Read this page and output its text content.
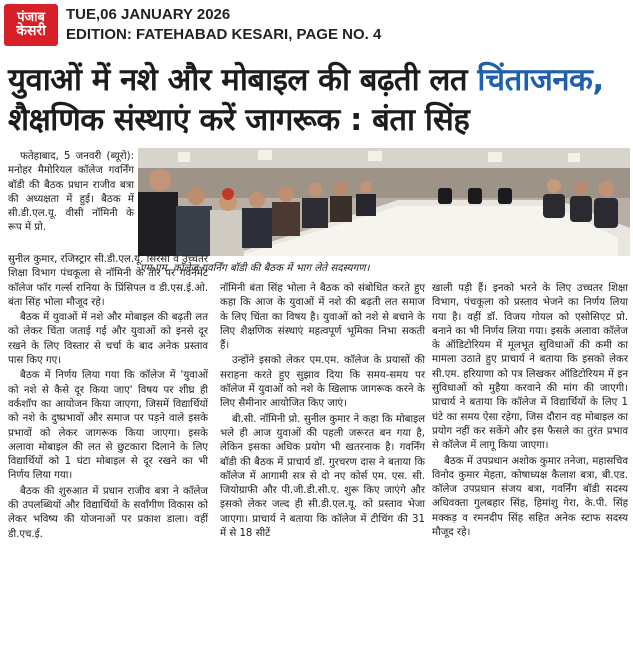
पंजाब
केसरी
TUE,06 JANUARY 2026
EDITION: FATEHABAD KESARI, PAGE NO. 4
युवाओं में नशे और मोबाइल की बढ़ती लत चिंताजनक,
शैक्षणिक संस्थाएं करें जागरूक : बंता सिंह

फतेहाबाद, 5 जनवरी (ब्यूरो): मनोहर मैमोरियल कॉलेज गवर्निंग बॉडी की बैठक प्रधान राजीव बत्रा की अध्यक्षता में हुई। बैठक में सी.डी.एल.यू. वीसी नॉमिनी के रूप में प्रो.

एम.एम. कॉलेज गवर्निंग बॉडी की बैठक में भाग लेते सदस्यगण।

सुनील कुमार, रजिस्ट्रार सी.डी.एल.यू. सिरसा व उच्चतर शिक्षा विभाग पंचकूला से नॉमिनी के तौर पर गवर्नमेंट कॉलेज फॉर गर्ल्स रानिया के प्रिंसिपल व डी.एस.ई.ओ. बंता सिंह भोला मौजूद रहे।

बैठक में युवाओं में नशे और मोबाइल की बढ़ती लत को लेकर चिंता जताई गई और युवाओं को इनसे दूर रखने के लिए विस्तार से चर्चा के बाद अनेक प्रस्ताव पास किए गए।

बैठक में निर्णय लिया गया कि कॉलेज में 'युवाओं को नशे से कैसे दूर किया जाए' विषय पर शीघ्र ही वर्कशॉप का आयोजन किया जाएगा, जिसमें विद्यार्थियों को नशे के दुष्प्रभावों और समाज पर पड़ने वाले इसके प्रभावों को लेकर जागरूक किया जाएगा। इसके अलावा मोबाइल की लत से छुटकारा दिलाने के लिए विद्यार्थियों को 1 घंटा मोबाइल से दूर रखने का भी निर्णय लिया गया।

बैठक की शुरुआत में प्रधान राजीव बत्रा ने कॉलेज की उपलब्धियों और विद्यार्थियों के सर्वांगीण विकास को लेकर भविष्य की योजनाओं पर प्रकाश डाला। वहीं डी.एच.ई.

नॉमिनी बंता सिंह भोला ने बैठक को संबोधित करते हुए कहा कि आज के युवाओं में नशे की बढ़ती लत समाज के लिए चिंता का विषय है। युवाओं को नशे से बचाने के लिए शैक्षणिक संस्थाएं महत्वपूर्ण भूमिका निभा सकती हैं।

उन्होंने इसको लेकर एम.एम. कॉलेज के प्रयासों की सराहना करते हुए सुझाव दिया कि समय-समय पर कॉलेज में युवाओं को नशे के खिलाफ जागरूक करने के लिए सैमीनार आयोजित किए जाएं।

बी.सी. नॉमिनी प्रो. सुनील कुमार ने कहा कि मोबाइल भले ही आज युवाओं की पहली जरूरत बन गया है, लेकिन इसका अधिक प्रयोग भी खतरनाक है। गवर्निंग बॉडी की बैठक में प्राचार्य डॉ. गुरचरण दास ने बताया कि कॉलेज में आगामी सत्र से दो नए कोर्स एम. एस. सी. जियोग्राफी और पी.जी.डी.सी.ए. शुरू किए जाएंगे और इसको लेकर जल्द ही सी.डी.एल.यू. को प्रस्ताव भेजा जाएगा। प्राचार्य ने बताया कि कॉलेज में टीचिंग की 31 में से 18 सीटें

खाली पड़ी हैं। इनको भरने के लिए उच्चतर शिक्षा विभाग, पंचकूला को प्रस्ताव भेजने का निर्णय लिया गया है। वहीं डॉ. विजय गोयल को एसोसिएट प्रो. बनाने का भी निर्णय लिया गया। इसके अलावा कॉलेज के ऑडिटोरियम में मूलभूत सुविधाओं की कमी का मामला उठाते हुए प्राचार्य ने बताया कि इसको लेकर सी.एम. हरियाणा को पत्र लिखकर ऑडिटोरियम में इन सुविधाओं को मुहैया करवाने की मांग की जाएगी। प्राचार्य ने बताया कि कॉलेज में विद्यार्थियों के लिए 1 घंटे का समय ऐसा रहेगा, जिस दौरान वह मोबाइल का प्रयोग नहीं कर सकेंगे और इस फैसले का तुरंत प्रभाव से कॉलेज में लागू किया जाएगा।

बैठक में उपप्रधान अशोक कुमार तनेजा, महासचिव विनोद कुमार मेहता, कोषाध्यक्ष कैलाश बत्रा, बी.एड. कॉलेज उपप्रधान संजय बत्रा, गवर्निंग बॉडी सदस्य अधिवक्ता गुलबहार सिंह, हिमांशु गेरा, के.पी. सिंह मक्कड़ व रमनदीप सिंह सहित अनेक स्टाफ सदस्य मौजूद रहे।
